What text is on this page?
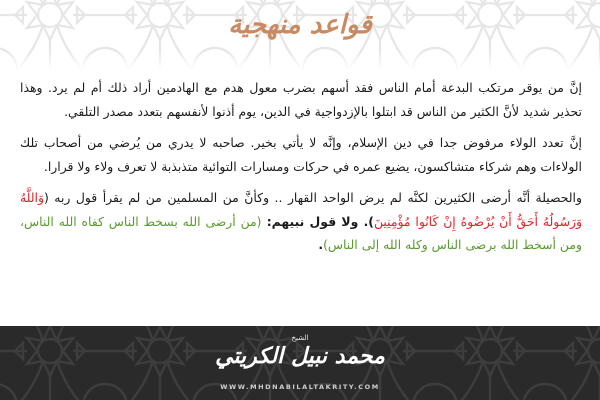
قواعد منهجية

إنَّ من يوقر مرتكب البدعة أمام الناس فقد أسهم بضرب معول هدم مع الهادمين أراد ذلك أم لم يرد. وهذا تحذير شديد لأنَّ الكثير من الناس قد ابتلوا بالإزدواجية في الدين، يوم أذنوا لأنفسهم بتعدد مصدر التلقي.

إنَّ تعدد الولاء مرفوض جدا في دين الإسلام، وإنَّه لا يأتي بخير. صاحبه لا يدري من يُرضي من أصحاب تلك الولاءات وهم شركاء متشاكسون، يضيع عمره في حركات ومسارات التوائية متذبذبة لا تعرف ولاء ولا قرارا.

والحصيلة أنَّه أرضى الكثيرين لكنَّه لم يرض الواحد القهار .. وكأنَّ من المسلمين من لم يقرأ قول ربه (وَاللَّهُ وَرَسُولُهُ أَحَقُّ أَنْ يُرْضُوهُ إِنْ كَانُوا مُؤْمِنِينَ). ولا قول نبيهم: (من أرضى الله بسخط الناس كفاه الله الناس، ومن أسخط الله برضى الناس وكله الله إلى الناس).

الشيخ
محمد نبيل الكريتي
WWW.MHDNABILALTAKRITY.COM
